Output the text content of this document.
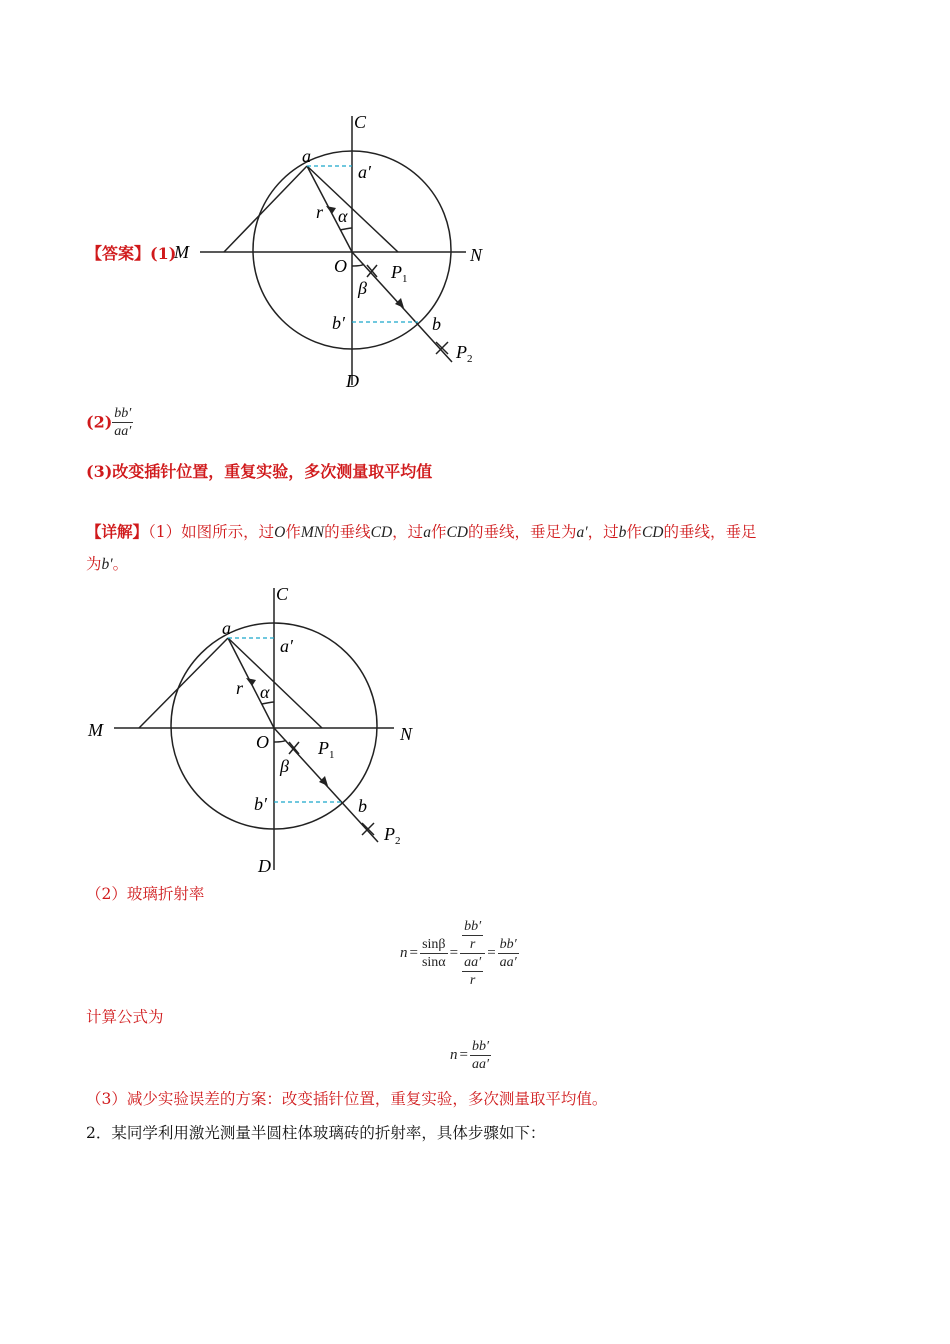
【答案】(1)
C
D
M	N
O
a
a′
r α
β
$P_1$
b′	b
$P_2$
$(2) \frac{bb'}{aa'}$
(3)改变插针位置，重复实验，多次测量取平均值
【详解】（1）如图所示，过O作MN的垂线CD，过a作CD的垂线，垂足为a′，过b作CD的垂线，垂足
为b′。
C
D
M	N
O
a
a′
r α
β
$P_1$
b′	b
$P_2$
（2）玻璃折射率
$n = \frac{\sin\beta}{\sin\alpha} = bb'$
r
aa′
$r = \frac{bb'}{aa'}$
计算公式为
$n = \frac{bb'}{aa'}$
（3）减少实验误差的方案：改变插针位置，重复实验，多次测量取平均值。
2．某同学利用激光测量半圆柱体玻璃砖的折射率，具体步骤如下：
